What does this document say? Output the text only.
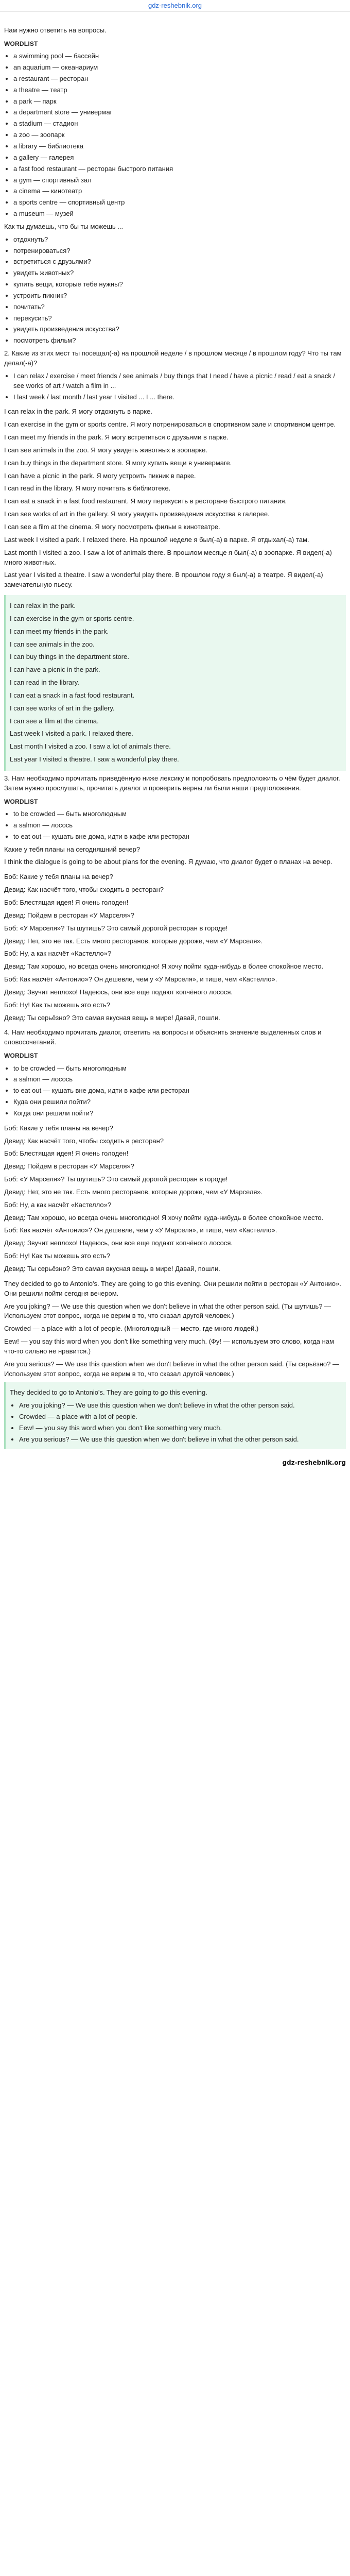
gdz-reshebnik.org
Нам нужно ответить на вопросы.
WORDLIST
• a swimming pool — бассейн
• an aquarium — океанариум
• a restaurant — ресторан
• a theatre — театр
• a park — парк
• a department store — универмаг
• a stadium — стадион
• a zoo — зоопарк
• a library — библиотека
• a gallery — галерея
• a fast food restaurant — ресторан быстрого питания
• a gym — спортивный зал
• a cinema — кинотеатр
• a sports centre — спортивный центр
• a museum — музей
Как ты думаешь, что бы ты можешь ...
• отдохнуть?
• потренироваться?
• встретиться с друзьями?
• увидеть животных?
• купить вещи, которые тебе нужны?
• устроить пикник?
• почитать?
• перекусить?
• увидеть произведения искусства?
• посмотреть фильм?
2. Какие из этих мест ты посещал(-а) на прошлой неделе / в прошлом месяце / в прошлом году? Что ты там делал(-а)?
• I can relax / exercise / meet friends / see animals / buy things that I need / have a picnic / read / eat a snack / see works of art / watch a film in ...
• I last week / last month / last year I visited ... I ... there.
I can relax in the park. Я могу отдохнуть в парке.
I can exercise in the gym or sports centre. Я могу потренироваться в спортивном зале и спортивном центре.
I can meet my friends in the park. Я могу встретиться с друзьями в парке.
I can see animals in the zoo. Я могу увидеть животных в зоопарке.
I can buy things in the department store. Я могу купить вещи в универмаге.
I can have a picnic in the park. Я могу устроить пикник в парке.
I can read in the library. Я могу почитать в библиотеке.
I can eat a snack in a fast food restaurant. Я могу перекусить в ресторане быстрого питания.
I can see works of art in the gallery. Я могу увидеть произведения искусства в галерее.
I can see a film at the cinema. Я могу посмотреть фильм в кинотеатре.
Last week I visited a park. I relaxed there. На прошлой неделе я был(-а) в парке. Я отдыхал(-а) там.
Last month I visited a zoo. I saw a lot of animals there. В прошлом месяце я был(-а) в зоопарке. Я видел(-а) много животных.
Last year I visited a theatre. I saw a wonderful play there. В прошлом году я был(-а) в театре. Я видел(-а) замечательную пьесу.
I can relax in the park.
I can exercise in the gym or sports centre.
I can meet my friends in the park.
I can see animals in the zoo.
I can buy things in the department store.
I can have a picnic in the park.
I can read in the library.
I can eat a snack in a fast food restaurant.
I can see works of art in the gallery.
I can see a film at the cinema.
Last week I visited a park. I relaxed there.
Last month I visited a zoo. I saw a lot of animals there.
Last year I visited a theatre. I saw a wonderful play there.
3. Нам необходимо прочитать приведённую ниже лексику и попробовать предположить о чём будет диалог. Затем нужно прослушать, прочитать диалог и проверить верны ли были наши предположения.
WORDLIST
• to be crowded — быть многолюдным
• a salmon — лосось
• to eat out — кушать вне дома, идти в кафе или ресторан
Какие у тебя планы на сегодняшний вечер?
I think the dialogue is going to be about plans for the evening. Я думаю, что диалог будет о планах на вечер.
Боб: Какие у тебя планы на вечер?
Девид: Как насчёт того, чтобы сходить в ресторан?
Боб: Блестящая идея! Я очень голоден!
Девид: Пойдем в ресторан «У Марселя»?
Боб: «У Марселя»? Ты шутишь? Это самый дорогой ресторан в городе!
Девид: Нет, это не так. Есть много ресторанов, которые дороже, чем «У Марселя».
Боб: Ну, а как насчёт «Кастелло»?
Девид: Там хорошо, но всегда очень многолюдно! Я хочу пойти куда-нибудь в более спокойное место.
Боб: Как насчёт «Антонио»? Он дешевле, чем у «У Марселя», и тише, чем «Кастелло».
Девид: Звучит неплохо! Надеюсь, они все еще подают копчёного лосося.
Боб: Ну! Как ты можешь это есть?
Девид: Ты серьёзно? Это самая вкусная вещь в мире! Давай, пошли.
4. Нам необходимо прочитать диалог, ответить на вопросы и объяснить значение выделенных слов и словосочетаний.
WORDLIST
• to be crowded — быть многолюдным
• a salmon — лосось
• to eat out — кушать вне дома, идти в кафе или ресторан
• Куда они решили пойти?
• Когда они решили пойти?
Боб: Какие у тебя планы на вечер?
Девид: Как насчёт того, чтобы сходить в ресторан?
Боб: Блестящая идея! Я очень голоден!
Девид: Пойдем в ресторан «У Марселя»?
Боб: «У Марселя»? Ты шутишь? Это самый дорогой ресторан в городе!
Девид: Нет, это не так. Есть много ресторанов, которые дороже, чем «У Марселя».
Боб: Ну, а как насчёт «Кастелло»?
Девид: Там хорошо, но всегда очень многолюдно! Я хочу пойти куда-нибудь в более спокойное место.
Боб: Как насчёт «Антонио»? Он дешевле, чем у «У Марселя», и тише, чем «Кастелло».
Девид: Звучит неплохо! Надеюсь, они все еще подают копчёного лосося.
Боб: Ну! Как ты можешь это есть?
Девид: Ты серьёзно? Это самая вкусная вещь в мире! Давай, пошли.
They decided to go to Antonio's. They are going to go this evening. Они решили пойти в ресторан «У Антонио». Они решили пойти сегодня вечером.
Are you joking? — We use this question when we don't believe in what the other person said. (Ты шутишь? — Используем этот вопрос, когда не верим в то, что сказал другой человек.)
Crowded — a place with a lot of people. (Многолюдный — место, где много людей.)
Eew! — you say this word when you don't like something very much. (Фу! — используем это слово, когда нам что-то сильно не нравится.)
Are you serious? — We use this question when we don't believe in what the other person said. (Ты серьёзно? — Используем этот вопрос, когда не верим в то, что сказал другой человек.)
They decided to go to Antonio's. They are going to go this evening.
• Are you joking? — We use this question when we don't believe in what the other person said.
• Crowded — a place with a lot of people.
• Eew! — you say this word when you don't like something very much.
• Are you serious? — We use this question when we don't believe in what the other person said.
gdz-reshebnik.org
